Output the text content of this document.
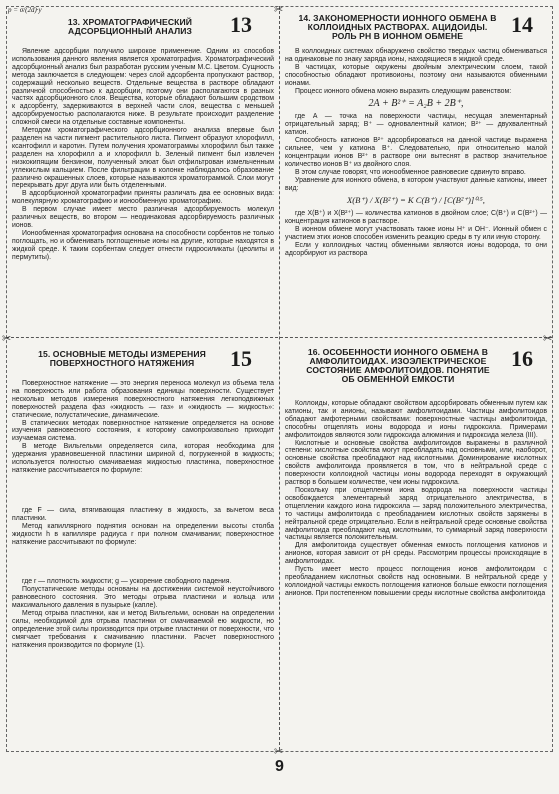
✂
✂	✂
✂
p = σ/(2d)·y
13. ХРОМАТОГРАФИЧЕСКИЙ АДСОРБЦИОННЫЙ АНАЛИЗ	13

Явление адсорбции получило широкое применение. Одним из способов использования данного явления является хроматография. Хроматографический адсорбционный анализ был разработан русским ученым М.С. Цветом. Сущность метода заключается в следующем: через слой адсорбента пропускают раствор, содержащий несколько веществ. Отдельные вещества в растворе обладают различной способностью к адсорбции, поэтому они располагаются в разных частях адсорбционного слоя. Вещества, которые обладают большим сродством к адсорбенту, задерживаются в верхней части слоя, вещества с меньшей адсорбируемостью располагаются ниже. В результате происходит разделение сложной смеси на отдельные составные компоненты.

Методом хроматографического адсорбционного анализа впервые был разделен на части пигмент растительного листа. Пигмент образуют хлорофилл, ксантофилл и каротин. Путем получения хроматограммы хлорофилл был также разделен на хлорофилл а и хлорофилл b. Зеленый пигмент был извлечен низкокипящим бензином, полученный элюат был отфильтрован измельченным углекислым кальцием. После фильтрации в колонке наблюдалось образование различно окрашенных слоев, которые называются хроматограммой. Слои могут перекрывать друг друга или быть отделенными.

В адсорбционной хроматографии приняты различать два ее основных вида: молекулярную хроматографию и ионообменную хроматографию.

В первом случае имеет место различная адсорбируемость молекул различных веществ, во втором — неодинаковая адсорбируемость различных ионов.

Ионообменная хроматография основана на способности сорбентов не только поглощать, но и обменивать поглощенные ионы на другие, которые находятся в жидкой среде. К таким сорбентам следует отнести гидросиликаты (цеолиты и пермутиты).

14. ЗАКОНОМЕРНОСТИ ИОННОГО ОБМЕНА В КОЛЛОИДНЫХ РАСТВОРАХ. АЦИДОИДЫ. РОЛЬ PH В ИОННОМ ОБМЕНЕ	14

В коллоидных системах обнаружено свойство твердых частиц обмениваться на одинаковые по знаку заряда ионы, находящиеся в жидкой среде.

В частицах, которые окружены двойным электрическим слоем, такой способностью обладают противоионы, поэтому они называются обменными ионами.

Процесс ионного обмена можно выразить следующим равенством:

2A + B²⁺ = A₂B + 2B⁺,

где A — точка на поверхности частицы, несущая элементарный отрицательный заряд; B⁺ — одновалентный катион; B²⁺ — двухвалентный катион.

Способность катионов B²⁺ адсорбироваться на данной частице выражена сильнее, чем у катиона B⁺. Следовательно, при относительно малой концентрации ионов B²⁺ в растворе они вытеснят в раствор значительное количество ионов B⁺ из двойного слоя.

В этом случае говорят, что ионообменное равновесие сдвинуто вправо.

Уравнение для ионного обмена, в котором участвуют данные катионы, имеет вид:

X(B⁺) / X(B²⁺) = K C(B⁺) / [C(B²⁺)]⁰·⁵,

где X(B⁺) и X(B²⁺) — количества катионов в двойном слое; C(B⁺) и C(B²⁺) — концентрация катионов в растворе.

В ионном обмене могут участвовать также ионы H⁺ и OH⁻. Ионный обмен с участием этих ионов способен изменить реакцию среды в ту или иную сторону.

Если у коллоидных частиц обменными являются ионы водорода, то они адсорбируют из раствора

15. ОСНОВНЫЕ МЕТОДЫ ИЗМЕРЕНИЯ ПОВЕРХНОСТНОГО НАТЯЖЕНИЯ	15

Поверхностное натяжение — это энергия переноса молекул из объема тела на поверхность или работа образования единицы поверхности. Существует несколько методов измерения поверхностного натяжения легкоподвижных поверхностей раздела фаз «жидкость — газ» и «жидкость — жидкость»: статические, полустатические, динамические.

В статических методах поверхностное натяжение определяется на основе изучения равновесного состояния, к которому самопроизвольно приходит изучаемая система.

В методе Вильгельми определяется сила, которая необходима для удержания уравновешенной пластинки шириной d, погруженной в жидкость; используется полностью смачиваемая жидкостью пластинка, поверхностное натяжение рассчитывается по формуле:

где F — сила, втягивающая пластинку в жидкость, за вычетом веса пластинки.

Метод капиллярного поднятия основан на определении высоты столба жидкости h в капилляре радиуса r при полном смачивании; поверхностное натяжение рассчитывают по формуле:

где r — плотность жидкости; g — ускорение свободного падения.

Полустатические методы основаны на достижении системой неустойчивого равновесного состояния. Это методы отрыва пластинки и кольца или максимального давления в пузырьке (капле).

Метод отрыва пластинки, как и метод Вильгельми, основан на определении силы, необходимой для отрыва пластинки от смачиваемой ею жидкости, но определение этой силы производится при отрыве пластинки от поверхности, что смягчает требования к смачиванию пластинки. Расчет поверхностного натяжения производится по формуле (1).

16. ОСОБЕННОСТИ ИОННОГО ОБМЕНА В АМФОЛИТОИДАХ. ИЗОЭЛЕКТРИЧЕСКОЕ СОСТОЯНИЕ АМФОЛИТОИДОВ. ПОНЯТИЕ ОБ ОБМЕННОЙ ЕМКОСТИ
16

Коллоиды, которые обладают свойством адсорбировать обменным путем как катионы, так и анионы, называют амфолитоидами. Частицы амфолитоидов обладают амфотерными свойствами: поверхностные частицы амфолитоида, способны отщеплять ионы водорода и ионы гидроксила. Примерами амфолитоидов являются золи гидроксида алюминия и гидроксида железа (III).

Кислотные и основные свойства амфолитоидов выражены в различной степени: кислотные свойства могут преобладать над основными, или, наоборот, основные свойства преобладают над кислотными. Доминирование кислотных свойств амфолитоида проявляется в том, что в нейтральной среде с поверхности коллоидной частицы ионы водорода переходят в окружающий раствор в большем количестве, чем ионы гидроксила.

Поскольку при отщеплении иона водорода на поверхности частицы освобождается элементарный заряд отрицательного электричества, в отщеплении каждого иона гидроксила — заряд положительного электричества, то частицы амфолитоида с преобладанием кислотных свойств заряжены в нейтральной среде отрицательно. Если в нейтральной среде основные свойства амфолитоида преобладают над кислотными, то суммарный заряд поверхности частицы является положительным.

Для амфолитоида существует обменная емкость поглощения катионов и анионов, которая зависит от pH среды. Рассмотрим процессы происходящие в амфолитоидах.

Пусть имеет место процесс поглощения ионов амфолитоидом с преобладанием кислотных свойств над основными. В нейтральной среде у коллоидной частицы емкость поглощения катионов больше емкости поглощения анионов. При постепенном повышении среды кислотные свойства амфолитоида

9
